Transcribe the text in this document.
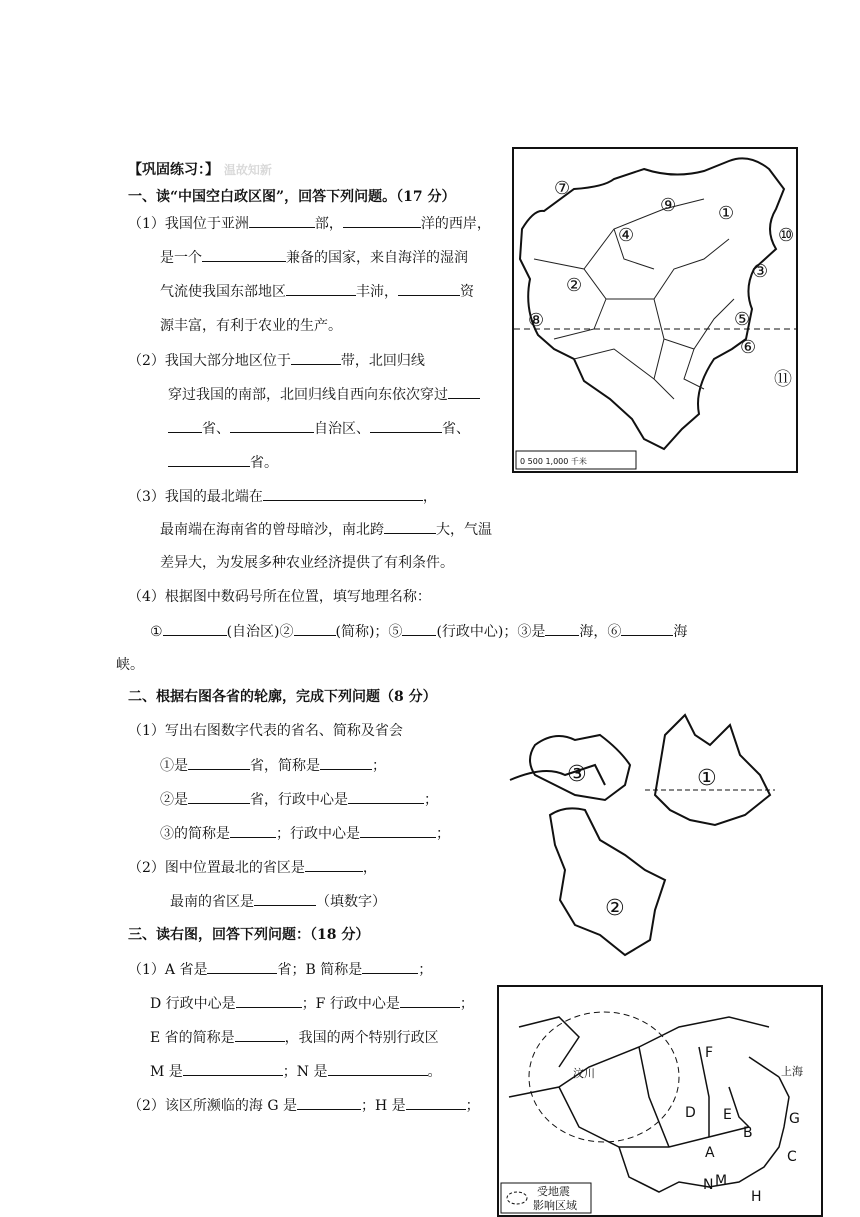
【巩固练习：】 温故知新
一、读“中国空白政区图”，回答下列问题。（17 分）
（1）我国位于亚洲	部，	洋的西岸，
是一个	兼备的国家，来自海洋的湿润
气流使我国东部地区	丰沛，	资
源丰富，有利于农业的生产。
（2）我国大部分地区位于	带，北回归线
穿过我国的南部，北回归线自西向东依次穿过
省、	自治区、	省、
省。
（3）我国的最北端在	，
最南端在海南省的曾母暗沙，南北跨	大，气温
差异大，为发展多种农业经济提供了有利条件。
（4）根据图中数码号所在位置，填写地理名称：
①	(自治区)②	(简称)；⑤ (行政中心)；③是 海，⑥	海
峡。
二、根据右图各省的轮廓，完成下列问题（8 分）
（1）写出右图数字代表的省名、简称及省会
①是	省，简称是	；
②是	省，行政中心是	；
③的简称是	；行政中心是	；
（2）图中位置最北的省区是	，
最南的省区是	（填数字）
三、读右图，回答下列问题：（18 分）
（1）A 省是	省；B 简称是	；
D 行政中心是	；F 行政中心是	；
E 省的简称是	，我国的两个特别行政区
M 是	；N 是	。
（2）该区所濒临的海 G 是	；H 是	；
⑦
⑨ ①
⑩
④
③
②
⑧	⑤
⑥
⑪
0 500 1,000 千米
③	①
②
F
上海
汶川
D E
B
G
A	C
N M
H
受地震
影响区域
